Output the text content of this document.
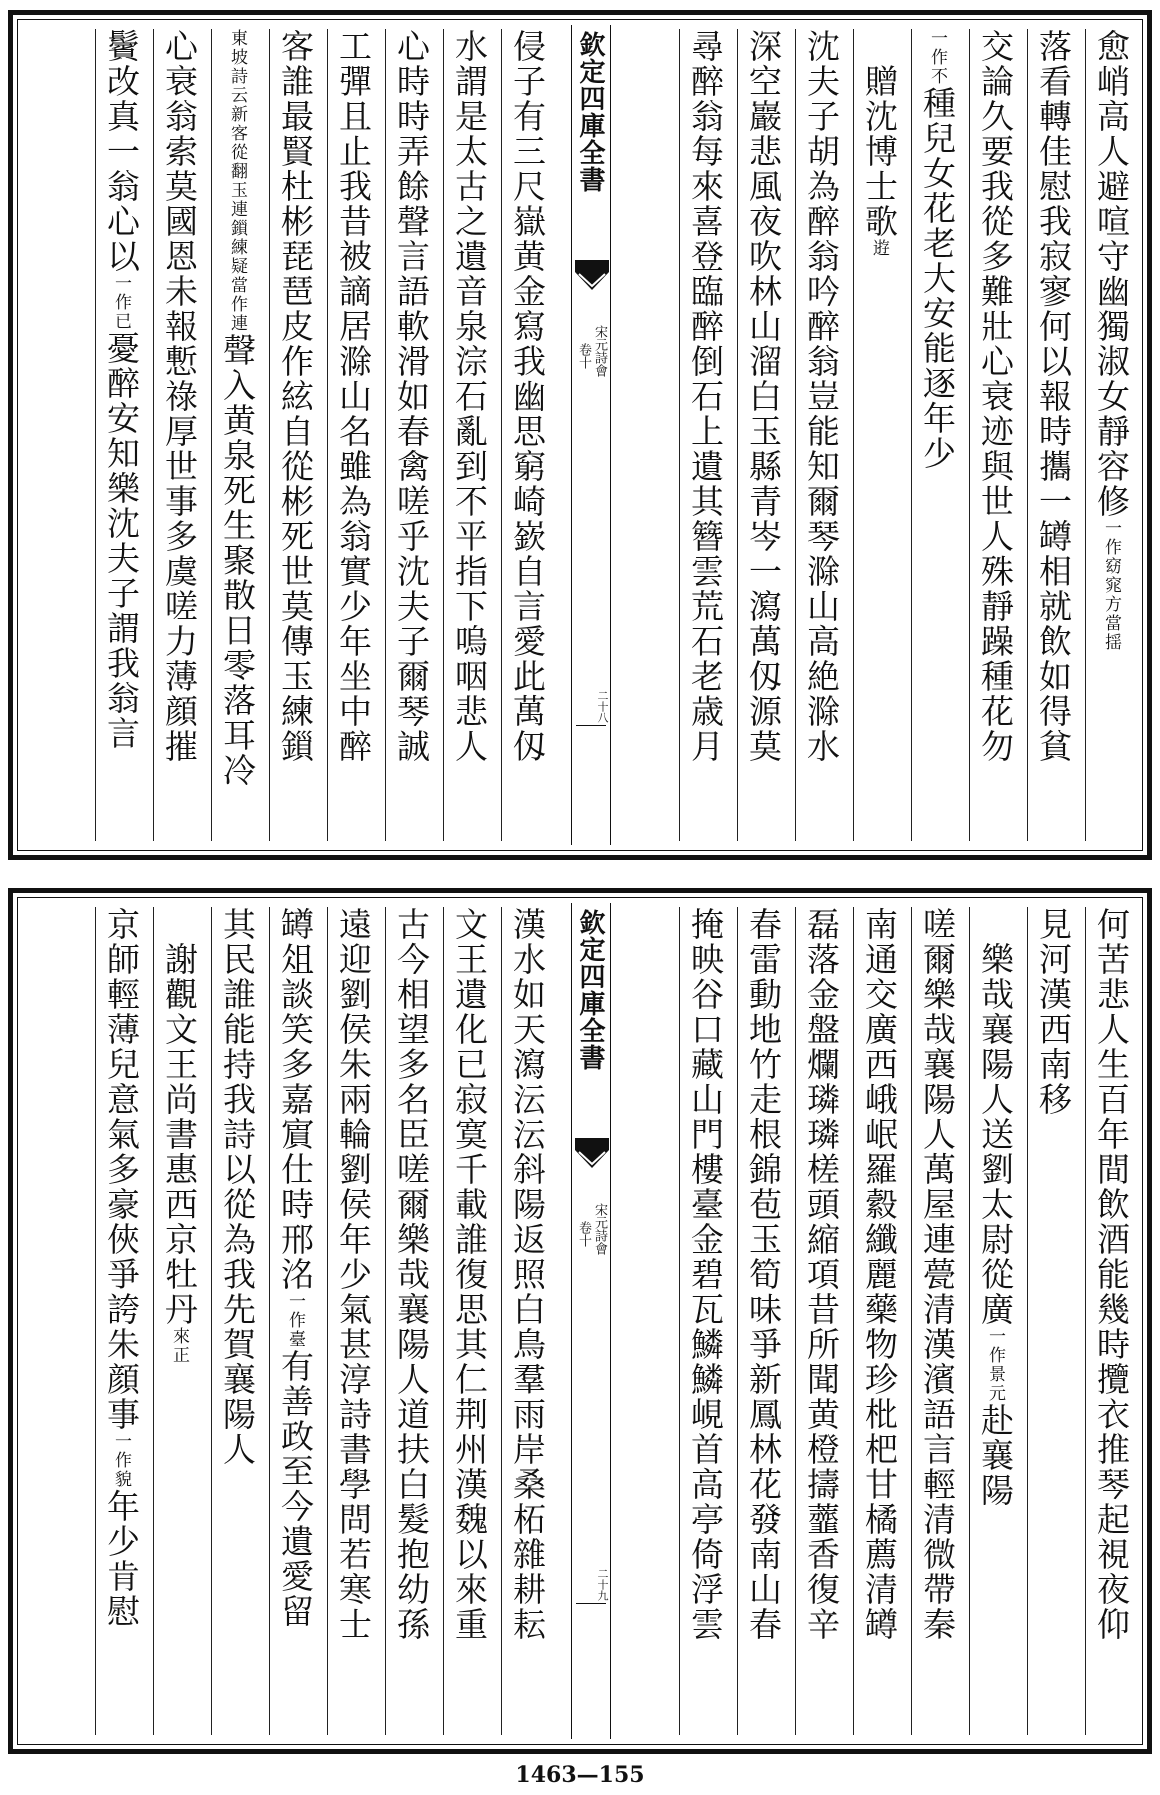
愈峭高人避喧守幽獨淑女靜容修一作窈窕方當揺
落看轉佳慰我寂寥何以報時攜一罇相就飲如得貧
交論久要我從多難壯心衰迹與世人殊靜躁種花勿
一作不種兒女花老大安能逐年少
　贈沈博士歌逰
沈夫子胡為醉翁吟醉翁豈能知爾琴滁山高絶滁水
深空巖悲風夜吹林山溜白玉縣青岑一瀉萬仭源莫
尋醉翁每來喜登臨醉倒石上遺其簪雲荒石老歳月
欽定四庫全書
宋元詩會
卷十
二十八
侵子有三尺嶽黄金寫我幽思窮崎嶔自言愛此萬仭
水謂是太古之遺音泉淙石亂到不平指下嗚咽悲人
心時時弄餘聲言語軟滑如春禽嗟乎沈夫子爾琴誠
工彈且止我昔被謫居滁山名雖為翁實少年坐中醉
客誰最賢杜彬琵琶皮作絃自從彬死世莫傳玉練鎻
東坡詩云新客從翻玉連鎻練疑當作連聲入黄泉死生聚散日零落耳冷
心衰翁索莫國恩未報慙祿厚世事多虞嗟力薄顔摧
鬢改真一翁心以一作已憂醉安知樂沈夫子謂我翁言
何苦悲人生百年間飲酒能幾時攬衣推琴起視夜仰
見河漢西南移
　樂哉襄陽人送劉太尉從廣一作景元赴襄陽
嗟爾樂哉襄陽人萬屋連甍清漢濱語言輕清微帶秦
南通交廣西峨岷羅縠纖麗藥物珍枇杷甘橘薦清罇
磊落金盤爛璘璘槎頭縮項昔所聞黄橙擣虀香復辛
春雷動地竹走根錦苞玉筍味爭新鳳林花發南山春
掩映谷口藏山門樓臺金碧瓦鱗鱗峴首高亭倚浮雲
欽定四庫全書
宋元詩會
卷十
二十九
漢水如天瀉沄沄斜陽返照白鳥羣雨岸桑柘雜耕耘
文王遺化已寂寞千載誰復思其仁荆州漢魏以來重
古今相望多名臣嗟爾樂哉襄陽人道扶白髮抱幼孫
遠迎劉侯朱兩輪劉侯年少氣甚淳詩書學問若寒士
罇俎談笑多嘉賔仕時邢洺一作臺有善政至今遺愛留
其民誰能持我詩以從為我先賀襄陽人
　謝觀文王尚書惠西京牡丹來正
京師輕薄兒意氣多豪俠爭誇朱顔事一作貌年少肯慰
1463—155
